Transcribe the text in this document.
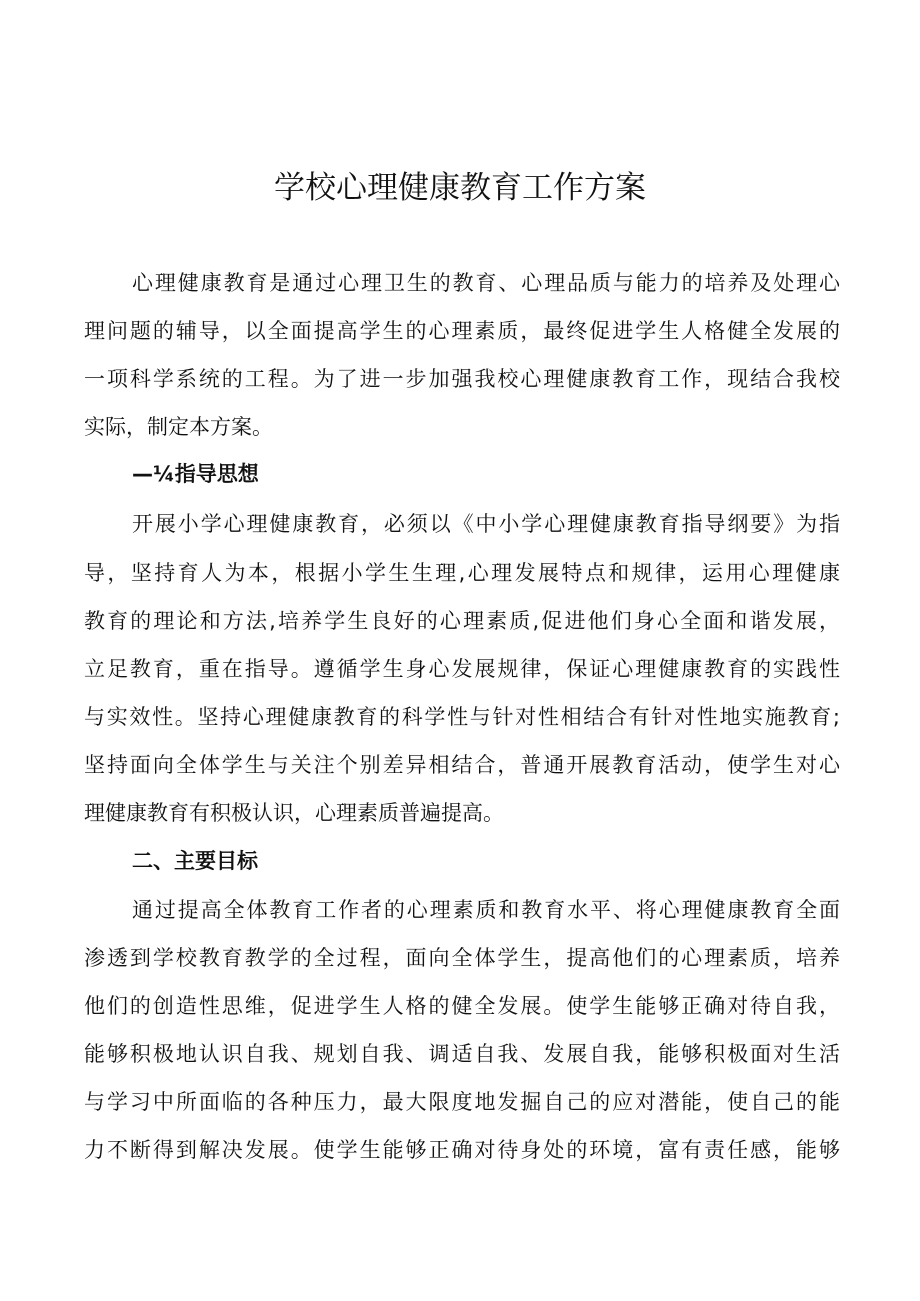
学校心理健康教育工作方案
心理健康教育是通过心理卫生的教育、心理品质与能力的培养及处理心
理问题的辅导，以全面提高学生的心理素质，最终促进学生人格健全发展的
一项科学系统的工程。为了进一步加强我校心理健康教育工作，现结合我校
实际，制定本方案。
—¼指导思想
开展小学心理健康教育，必须以《中小学心理健康教育指导纲要》为指
导，坚持育人为本，根据小学生生理,心理发展特点和规律，运用心理健康
教育的理论和方法,培养学生良好的心理素质,促进他们身心全面和谐发展，
立足教育，重在指导。遵循学生身心发展规律，保证心理健康教育的实践性
与实效性。坚持心理健康教育的科学性与针对性相结合有针对性地实施教育;
坚持面向全体学生与关注个别差异相结合，普通开展教育活动，使学生对心
理健康教育有积极认识，心理素质普遍提高。
二、主要目标
通过提高全体教育工作者的心理素质和教育水平、将心理健康教育全面
渗透到学校教育教学的全过程，面向全体学生，提高他们的心理素质，培养
他们的创造性思维，促进学生人格的健全发展。使学生能够正确对待自我，
能够积极地认识自我、规划自我、调适自我、发展自我，能够积极面对生活
与学习中所面临的各种压力，最大限度地发掘自己的应对潜能，使自己的能
力不断得到解决发展。使学生能够正确对待身处的环境，富有责任感，能够
